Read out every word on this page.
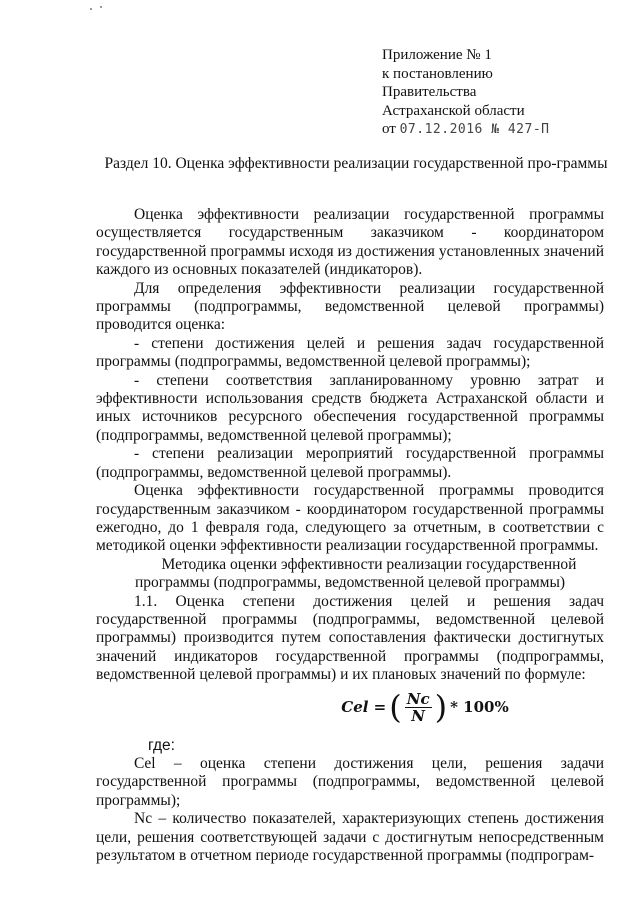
Приложение № 1
к постановлению
Правительства
Астраханской области
от 07.12.2016 № 427-П
Раздел 10. Оценка эффективности реализации государственной про-граммы

Оценка эффективности реализации государственной программы осуществляется государственным заказчиком - координатором государственной программы исходя из достижения установленных значений каждого из основных показателей (индикаторов).

Для определения эффективности реализации государственной программы (подпрограммы, ведомственной целевой программы) проводится оценка:

- степени достижения целей и решения задач государственной программы (подпрограммы, ведомственной целевой программы);

- степени соответствия запланированному уровню затрат и эффективности использования средств бюджета Астраханской области и иных источников ресурсного обеспечения государственной программы (подпрограммы, ведомственной целевой программы);

- степени реализации мероприятий государственной программы (подпрограммы, ведомственной целевой программы).

Оценка эффективности государственной программы проводится государственным заказчиком - координатором государственной программы ежегодно, до 1 февраля года, следующего за отчетным, в соответствии с методикой оценки эффективности реализации государственной программы.

Методика оценки эффективности реализации государственной программы (подпрограммы, ведомственной целевой программы)

1.1. Оценка степени достижения целей и решения задач государственной программы (подпрограммы, ведомственной целевой программы) производится путем сопоставления фактически достигнутых значений индикаторов государственной программы (подпрограммы, ведомственной целевой программы) и их плановых значений по формуле:

Cel = ( $\frac{Nc}{N}$ ) * 100%

где:

Cel – оценка степени достижения цели, решения задачи государственной программы (подпрограммы, ведомственной целевой программы);

Nc – количество показателей, характеризующих степень достижения цели, решения соответствующей задачи с достигнутым непосредственным результатом в отчетном периоде государственной программы (подпрограм-
